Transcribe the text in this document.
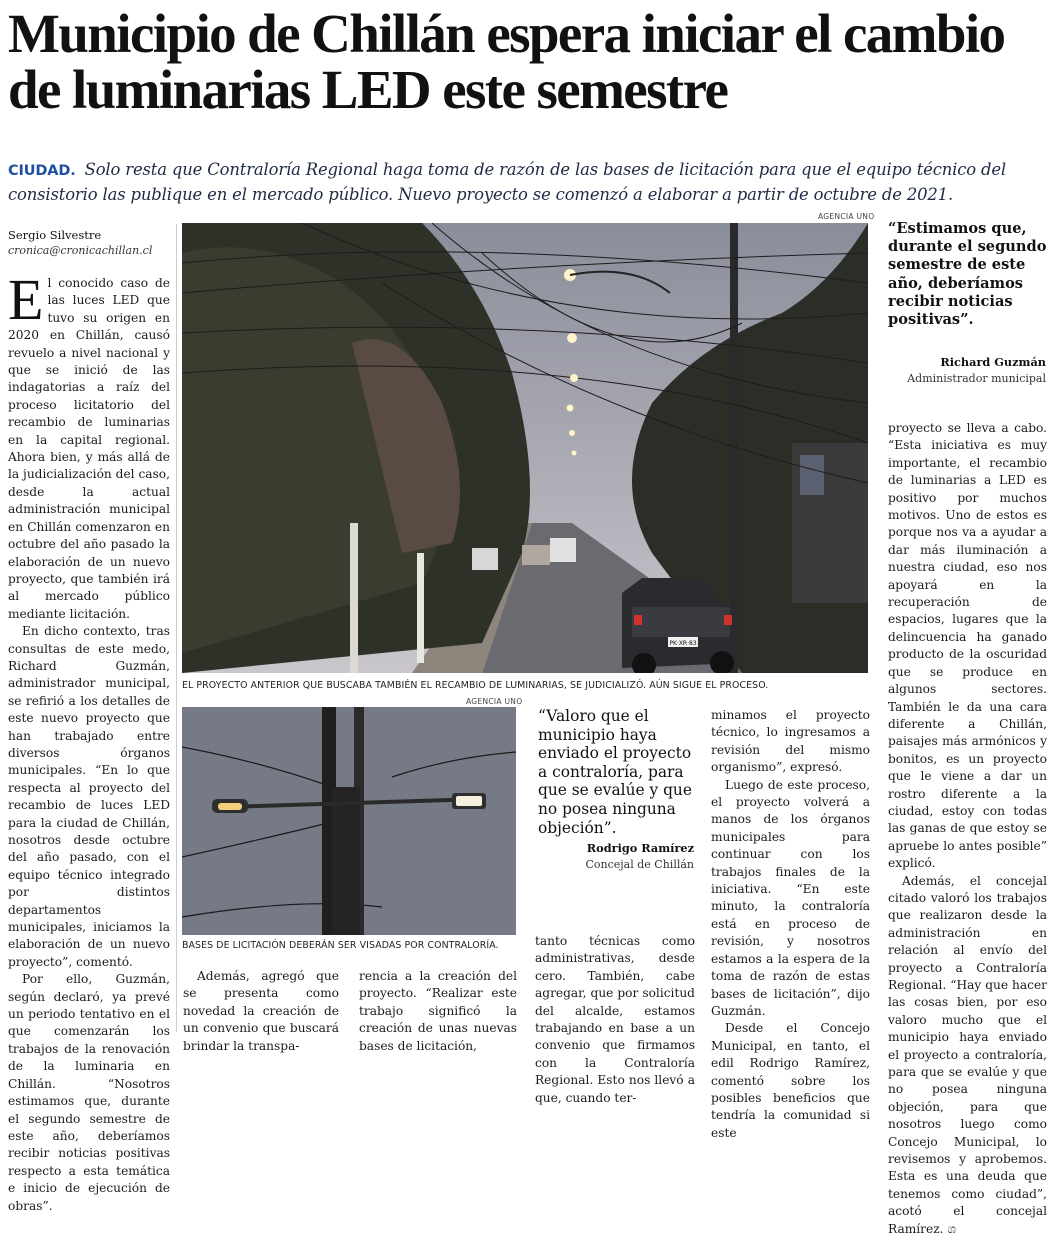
Municipio de Chillán espera iniciar el cambio de luminarias LED este semestre
CIUDAD. Solo resta que Contraloría Regional haga toma de razón de las bases de licitación para que el equipo técnico del consistorio las publique en el mercado público. Nuevo proyecto se comenzó a elaborar a partir de octubre de 2021.
Sergio Silvestre
cronica@cronicachillan.cl

El conocido caso de las luces LED que tuvo su origen en 2020 en Chillán, causó revuelo a nivel nacional y que se inició de las indagatorias a raíz del proceso licitatorio del recambio de luminarias en la capital regional. Ahora bien, y más allá de la judicialización del caso, desde la actual administración municipal en Chillán comenzaron en octubre del año pasado la elaboración de un nuevo proyecto, que también irá al mercado público mediante licitación.

En dicho contexto, tras consultas de este medo, Richard Guzmán, administrador municipal, se refirió a los detalles de este nuevo proyecto que han trabajado entre diversos órganos municipales. “En lo que respecta al proyecto del recambio de luces LED para la ciudad de Chillán, nosotros desde octubre del año pasado, con el equipo técnico integrado por distintos departamentos municipales, iniciamos la elaboración de un nuevo proyecto”, comentó.

Por ello, Guzmán, según declaró, ya prevé un periodo tentativo en el que comenzarán los trabajos de la renovación de la luminaria en Chillán. “Nosotros estimamos que, durante el segundo semestre de este año, deberíamos recibir noticias positivas respecto a esta temática e inicio de ejecución de obras”.

AGENCIA UNO
PK·XR·83
EL PROYECTO ANTERIOR QUE BUSCABA TAMBIÉN EL RECAMBIO DE LUMINARIAS, SE JUDICIALIZÓ. AÚN SIGUE EL PROCESO.
AGENCIA UNO
BASES DE LICITACIÓN DEBERÁN SER VISADAS POR CONTRALORÍA.
“Estimamos que, durante el segundo semestre de este año, deberíamos recibir noticias positivas”.
Richard Guzmán
Administrador municipal
“Valoro que el municipio haya enviado el proyecto a contraloría, para que se evalúe y que no posea ninguna objeción”.
Rodrigo Ramírez
Concejal de Chillán

Además, agregó que se presenta como novedad la creación de un convenio que buscará brindar la transpa-

rencia a la creación del proyecto. “Realizar este trabajo significó la creación de unas nuevas bases de licitación,

tanto técnicas como administrativas, desde cero. También, cabe agregar, que por solicitud del alcalde, estamos trabajando en base a un convenio que firmamos con la Contraloría Regional. Esto nos llevó a que, cuando ter-

minamos el proyecto técnico, lo ingresamos a revisión del mismo organismo”, expresó.

Luego de este proceso, el proyecto volverá a manos de los órganos municipales para continuar con los trabajos finales de la iniciativa. “En este minuto, la contraloría está en proceso de revisión, y nosotros estamos a la espera de la toma de razón de estas bases de licitación”, dijo Guzmán.

Desde el Concejo Municipal, en tanto, el edil Rodrigo Ramírez, comentó sobre los posibles beneficios que tendría la comunidad si este

proyecto se lleva a cabo. “Esta iniciativa es muy importante, el recambio de luminarias a LED es positivo por muchos motivos. Uno de estos es porque nos va a ayudar a dar más iluminación a nuestra ciudad, eso nos apoyará en la recuperación de espacios, lugares que la delincuencia ha ganado producto de la oscuridad que se produce en algunos sectores. También le da una cara diferente a Chillán, paisajes más armónicos y bonitos, es un proyecto que le viene a dar un rostro diferente a la ciudad, estoy con todas las ganas de que estoy se apruebe lo antes posible” explicó.

Además, el concejal citado valoró los trabajos que realizaron desde la administración en relación al envío del proyecto a Contraloría Regional. “Hay que hacer las cosas bien, por eso valoro mucho que el municipio haya enviado el proyecto a contraloría, para que se evalúe y que no posea ninguna objeción, para que nosotros luego como Concejo Municipal, lo revisemos y aprobemos. Esta es una deuda que tenemos como ciudad”, acotó el concejal Ramírez. ශ
